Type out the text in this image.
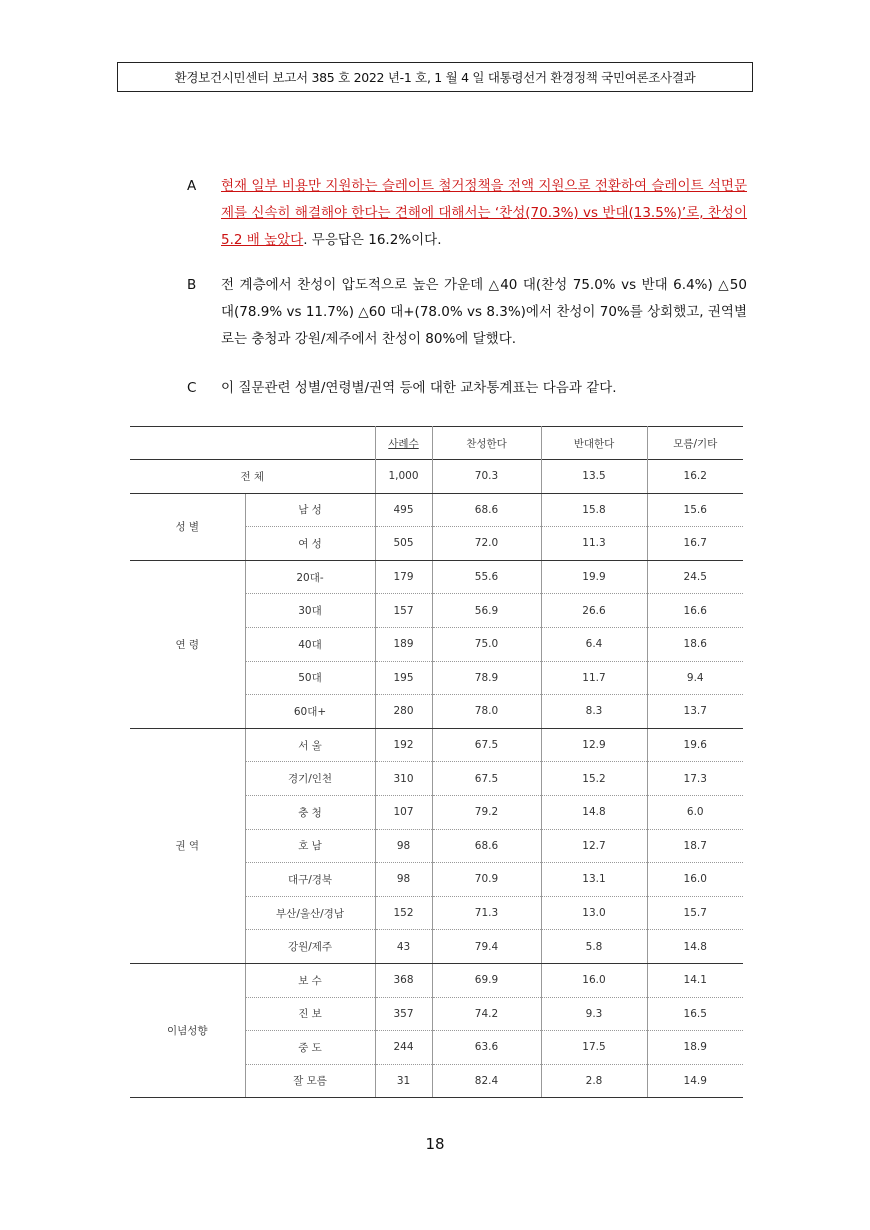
환경보건시민센터 보고서 385 호 2022 년-1 호, 1 월 4 일 대통령선거 환경정책 국민여론조사결과
A 현재 일부 비용만 지원하는 슬레이트 철거정책을 전액 지원으로 전환하여 슬레이트 석면문제를 신속히 해결해야 한다는 견해에 대해서는 ‘찬성(70.3%) vs 반대(13.5%)’로, 찬성이 5.2 배 높았다. 무응답은 16.2%이다.
B 전 계층에서 찬성이 압도적으로 높은 가운데 △40 대(찬성 75.0% vs 반대 6.4%) △50 대(78.9% vs 11.7%) △60 대+(78.0% vs 8.3%)에서 찬성이 70%를 상회했고, 권역별로는 충청과 강원/제주에서 찬성이 80%에 달했다.
C 이 질문관련 성별/연령별/권역 등에 대한 교차통계표는 다음과 같다.
		사례수	찬성한다	반대한다	모름/기타
전 체		1,000	70.3	13.5	16.2
성 별	남 성	495	68.6	15.8	15.6
	여 성	505	72.0	11.3	16.7
연 령	20대-	179	55.6	19.9	24.5
	30대	157	56.9	26.6	16.6
	40대	189	75.0	6.4	18.6
	50대	195	78.9	11.7	9.4
	60대+	280	78.0	8.3	13.7
권 역	서 울	192	67.5	12.9	19.6
	경기/인천	310	67.5	15.2	17.3
	충 청	107	79.2	14.8	6.0
	호 남	98	68.6	12.7	18.7
	대구/경북	98	70.9	13.1	16.0
	부산/울산/경남	152	71.3	13.0	15.7
	강원/제주	43	79.4	5.8	14.8
이념성향	보 수	368	69.9	16.0	14.1
	진 보	357	74.2	9.3	16.5
	중 도	244	63.6	17.5	18.9
	잘 모름	31	82.4	2.8	14.9
18
